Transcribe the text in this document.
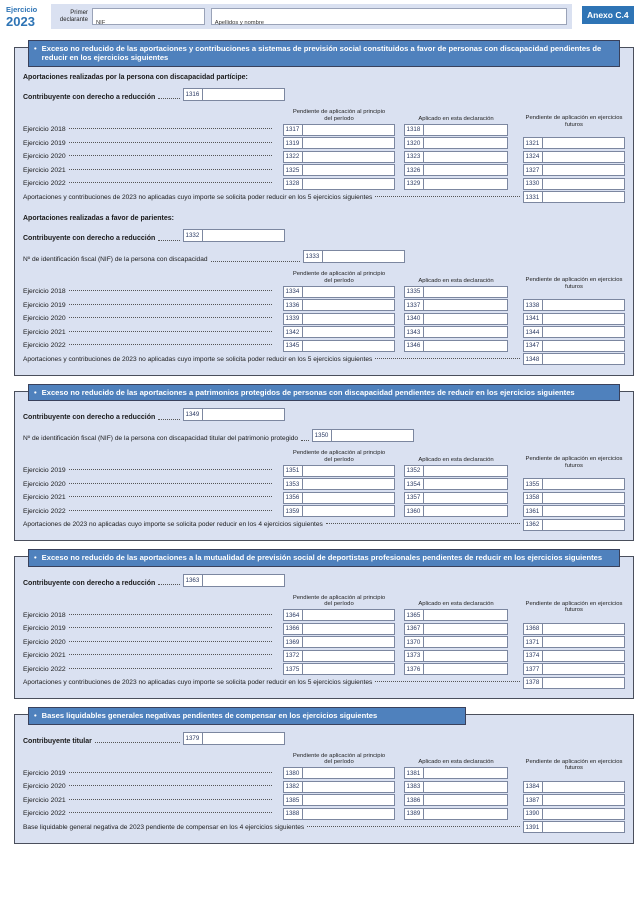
Ejercicio
2023
Primer
declarante
NIF	Apellidos y nombre
Anexo C.4
• Exceso no reducido de las aportaciones y contribuciones a sistemas de previsión social constituidos a favor de personas con discapacidad pendientes de reducir en los ejercicios siguientes
Aportaciones realizadas por la persona con discapacidad partícipe:
Contribuyente con derecho a reducción	1316
Pendiente de aplicación en ejercicios
futuros
Pendiente de aplicación al principio
del período	Aplicado en esta declaración
Ejercicio 2018	1317	1318
Ejercicio 2019	1319	1320	1321
Ejercicio 2020	1322	1323	1324
Ejercicio 2021	1325	1326	1327
Ejercicio 2022	1328	1329	1330
Aportaciones y contribuciones de 2023 no aplicadas cuyo importe se solicita poder reducir en los 5 ejercicios siguientes	1331
Aportaciones realizadas a favor de parientes:
Contribuyente con derecho a reducción	1332
Nº de identificación fiscal (NIF) de la persona con discapacidad	1333
Pendiente de aplicación en ejercicios
futuros
Pendiente de aplicación al principio
del período	Aplicado en esta declaración
Ejercicio 2018	1334	1335
Ejercicio 2019	1336	1337	1338
Ejercicio 2020	1339	1340	1341
Ejercicio 2021	1342	1343	1344
Ejercicio 2022	1345	1346	1347
Aportaciones y contribuciones de 2023 no aplicadas cuyo importe se solicita poder reducir en los 5 ejercicios siguientes	1348
• Exceso no reducido de las aportaciones a patrimonios protegidos de personas con discapacidad pendientes de reducir en los ejercicios siguientes
Contribuyente con derecho a reducción	1349
Nº de identificación fiscal (NIF) de la persona con discapacidad titular del patrimonio protegido	1350
Pendiente de aplicación en ejercicios
futuros
Pendiente de aplicación al principio
del período	Aplicado en esta declaración
Ejercicio 2019	1351	1352
Ejercicio 2020	1353	1354	1355
Ejercicio 2021	1356	1357	1358
Ejercicio 2022	1359	1360	1361
Aportaciones de 2023 no aplicadas cuyo importe se solicita poder reducir en los 4 ejercicios siguientes	1362
• Exceso no reducido de las aportaciones a la mutualidad de previsión social de deportistas profesionales pendientes de reducir en los ejercicios siguientes
Contribuyente con derecho a reducción	1363
Pendiente de aplicación en ejercicios
futuros
Pendiente de aplicación al principio
del período	Aplicado en esta declaración
Ejercicio 2018	1364	1365
Ejercicio 2019	1366	1367	1368
Ejercicio 2020	1369	1370	1371
Ejercicio 2021	1372	1373	1374
Ejercicio 2022	1375	1376	1377
Aportaciones y contribuciones de 2023 no aplicadas cuyo importe se solicita poder reducir en los 5 ejercicios siguientes	1378
• Bases liquidables generales negativas pendientes de compensar en los ejercicios siguientes
Contribuyente titular	1379
Pendiente de aplicación en ejercicios
futuros
Pendiente de aplicación al principio
del período	Aplicado en esta declaración
Ejercicio 2019	1380	1381
Ejercicio 2020	1382	1383	1384
Ejercicio 2021	1385	1386	1387
Ejercicio 2022	1388	1389	1390
Base liquidable general negativa de 2023 pendiente de compensar en los 4 ejercicios siguientes	1391
